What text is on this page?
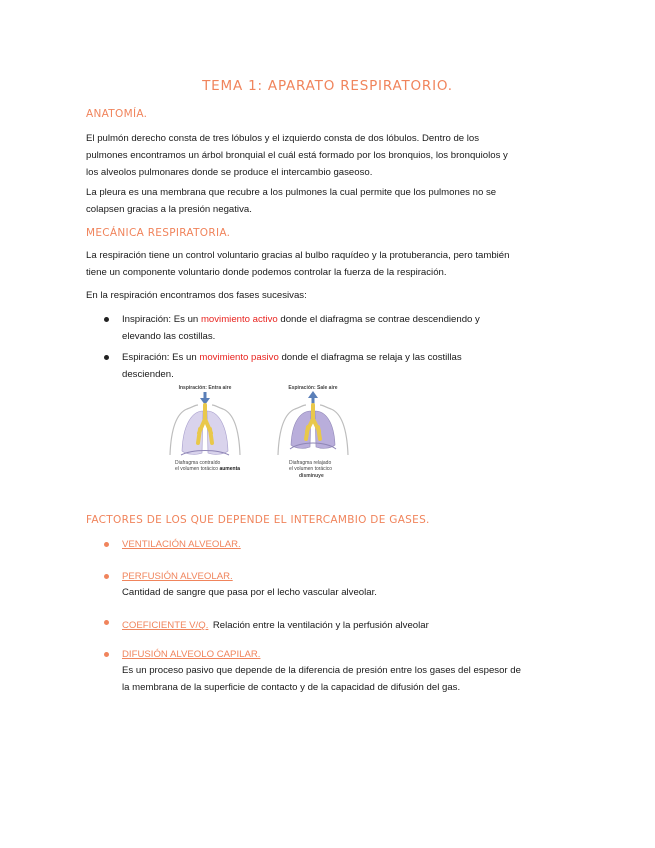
TEMA 1: APARATO RESPIRATORIO.
ANATOMÍA.
El pulmón derecho consta de tres lóbulos y el izquierdo consta de dos lóbulos. Dentro de los pulmones encontramos un árbol bronquial el cuál está formado por los bronquios, los bronquiolos y los alveolos pulmonares donde se produce el intercambio gaseoso.
La pleura es una membrana que recubre a los pulmones la cual permite que los pulmones no se colapsen gracias a la presión negativa.
MECÁNICA RESPIRATORIA.
La respiración tiene un control voluntario gracias al bulbo raquídeo y la protuberancia, pero también tiene un componente voluntario donde podemos controlar la fuerza de la respiración.
En la respiración encontramos dos fases sucesivas:
Inspiración: Es un movimiento activo donde el diafragma se contrae descendiendo y elevando las costillas.
Espiración: Es un movimiento pasivo donde el diafragma se relaja y las costillas descienden.
Inspiración: Entra aire
Diafragma contraído
el volumen torácico aumenta
Espiración: Sale aire
Diafragma relajado
el volumen torácico
disminuye
FACTORES DE LOS QUE DEPENDE EL INTERCAMBIO DE GASES.
VENTILACIÓN ALVEOLAR.
PERFUSIÓN ALVEOLAR.
Cantidad de sangre que pasa por el lecho vascular alveolar.
COEFICIENTE V/Q. Relación entre la ventilación y la perfusión alveolar
DIFUSIÓN ALVEOLO CAPILAR.
Es un proceso pasivo que depende de la diferencia de presión entre los gases del espesor de la membrana de la superficie de contacto y de la capacidad de difusión del gas.
